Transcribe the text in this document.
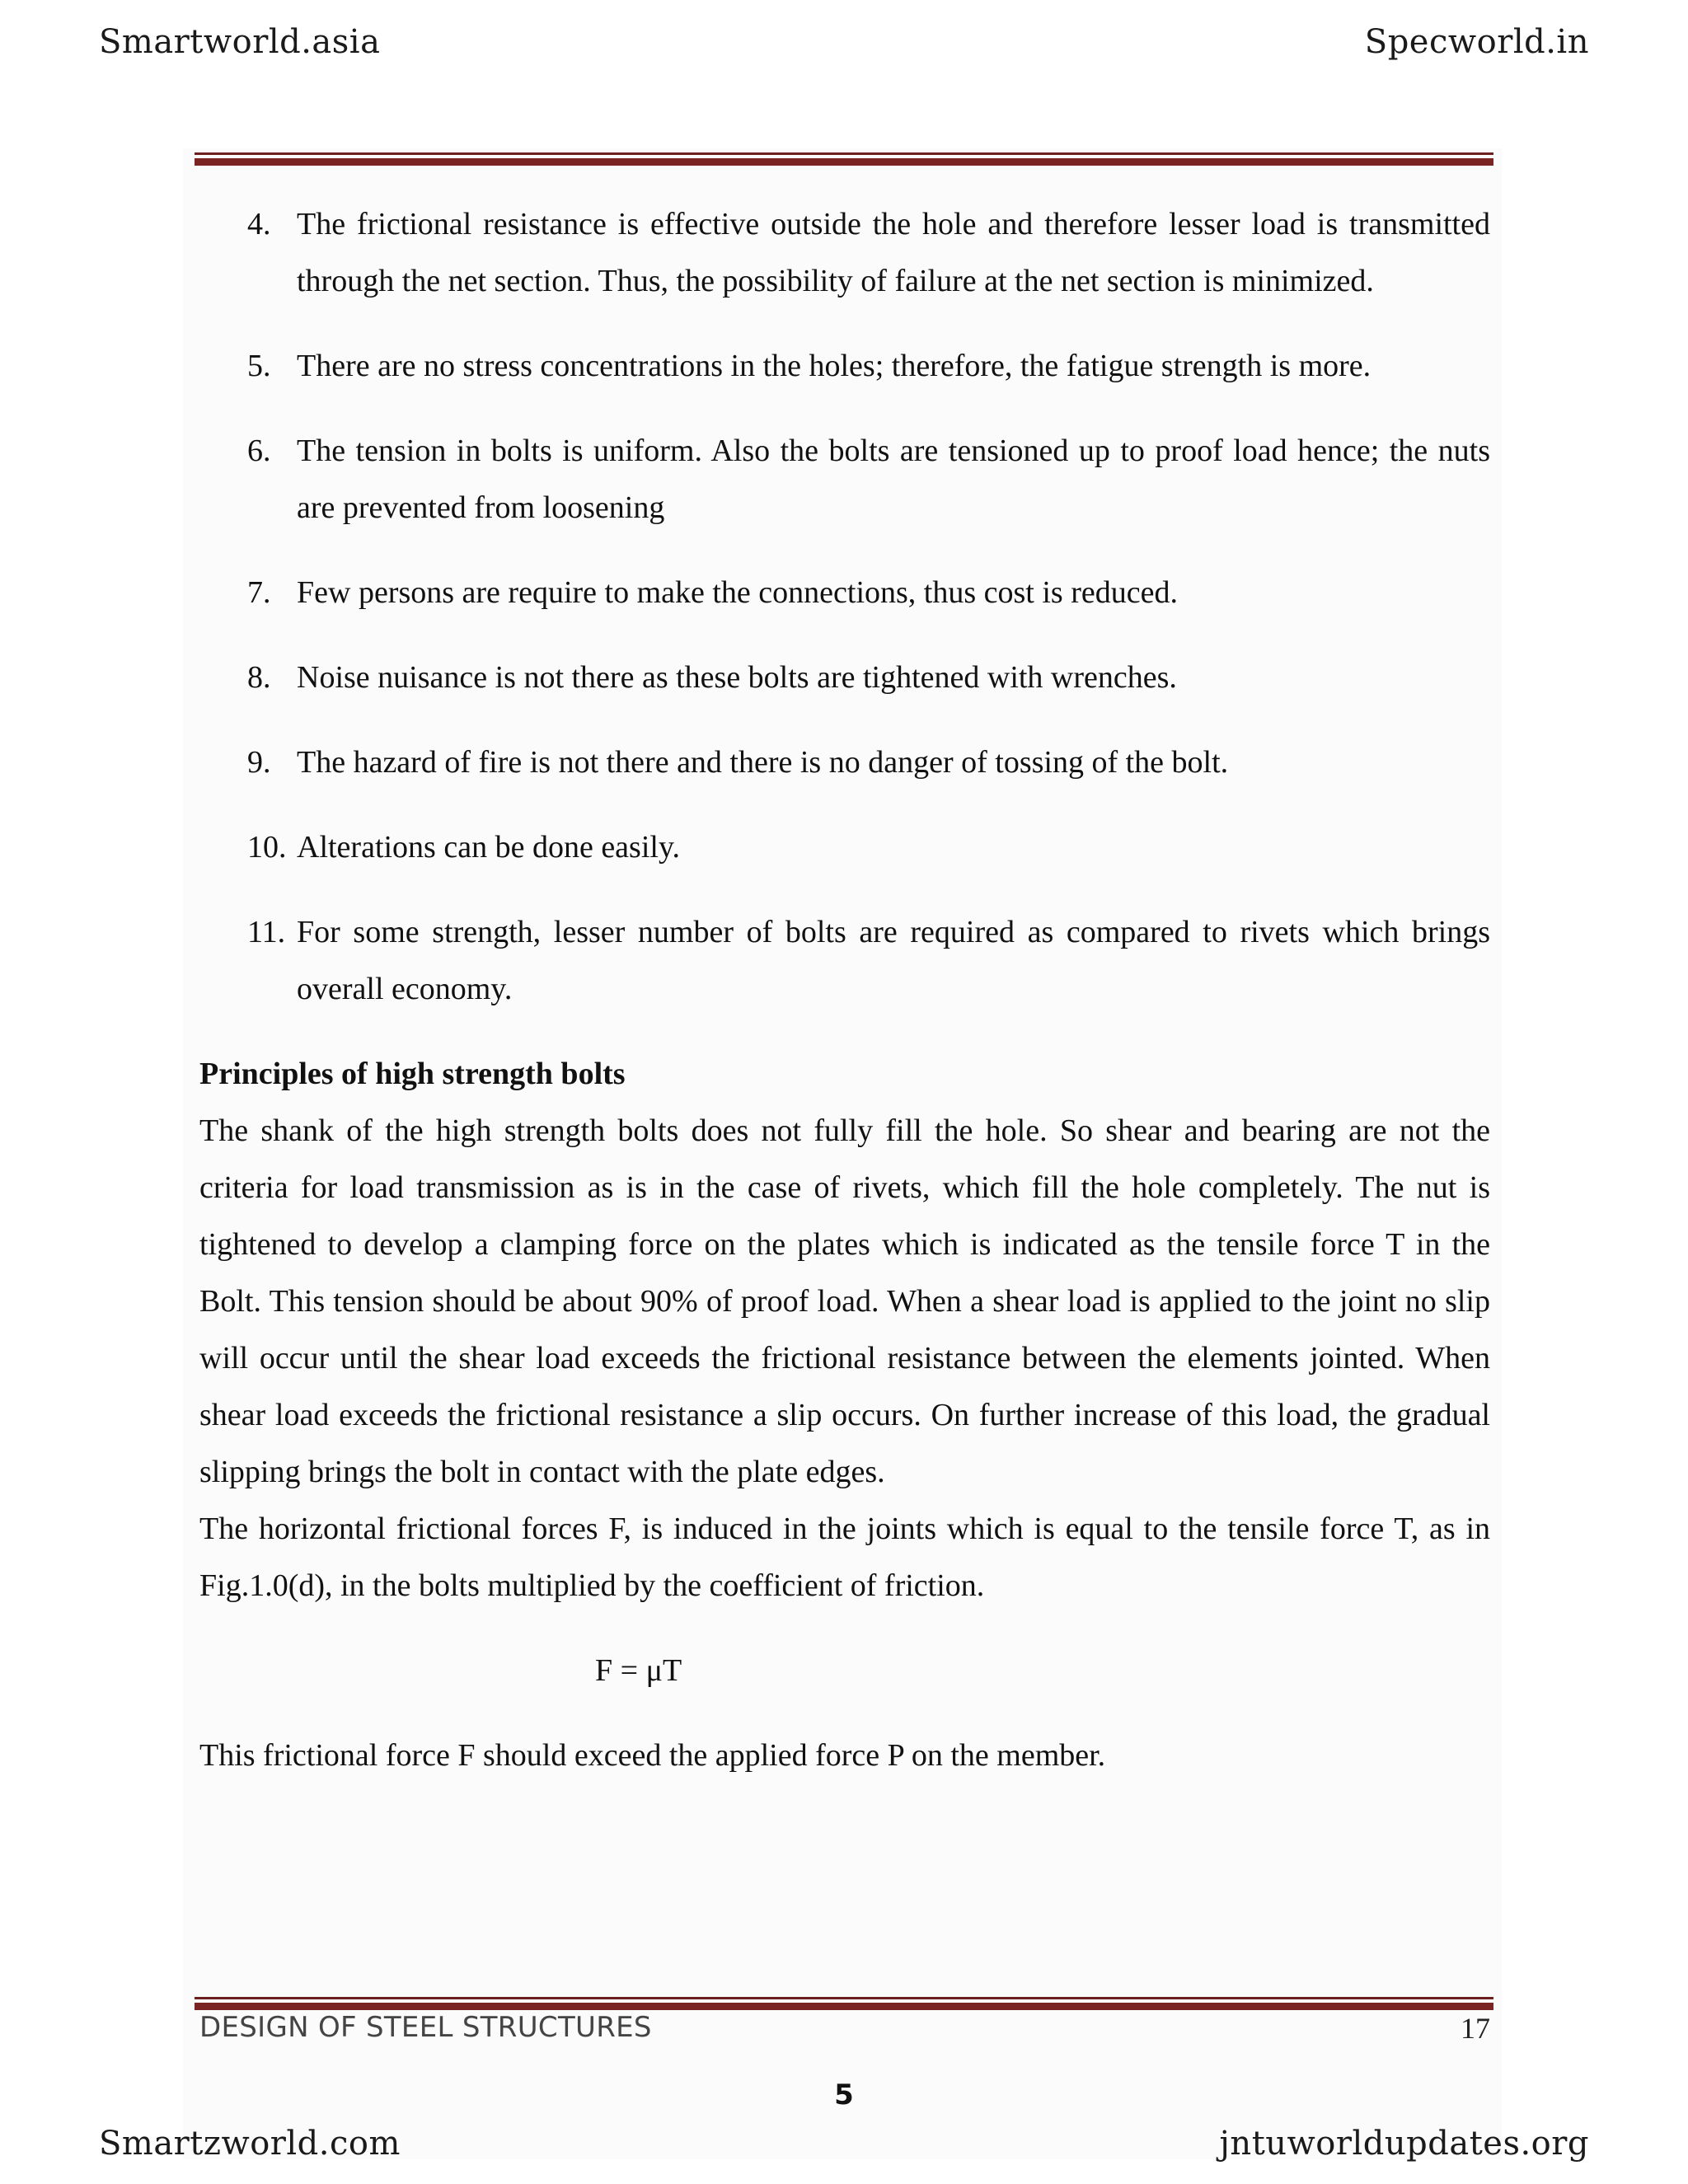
Smartworld.asia	Specworld.in
4. The frictional resistance is effective outside the hole and therefore lesser load is transmitted through the net section. Thus, the possibility of failure at the net section is minimized.
5. There are no stress concentrations in the holes; therefore, the fatigue strength is more.
6. The tension in bolts is uniform. Also the bolts are tensioned up to proof load hence; the nuts are prevented from loosening
7. Few persons are require to make the connections, thus cost is reduced.
8. Noise nuisance is not there as these bolts are tightened with wrenches.
9. The hazard of fire is not there and there is no danger of tossing of the bolt.
10. Alterations can be done easily.
11. For some strength, lesser number of bolts are required as compared to rivets which brings overall economy.

Principles of high strength bolts

The shank of the high strength bolts does not fully fill the hole. So shear and bearing are not the criteria for load transmission as is in the case of rivets, which fill the hole completely. The nut is tightened to develop a clamping force on the plates which is indicated as the tensile force T in the Bolt. This tension should be about 90% of proof load. When a shear load is applied to the joint no slip will occur until the shear load exceeds the frictional resistance between the elements jointed. When shear load exceeds the frictional resistance a slip occurs. On further increase of this load, the gradual slipping brings the bolt in contact with the plate edges.

The horizontal frictional forces F, is induced in the joints which is equal to the tensile force T, as in Fig.1.0(d), in the bolts multiplied by the coefficient of friction.

F = μT

This frictional force F should exceed the applied force P on the member.

DESIGN OF STEEL STRUCTURES	17
5
Smartzworld.com	jntuworldupdates.org
